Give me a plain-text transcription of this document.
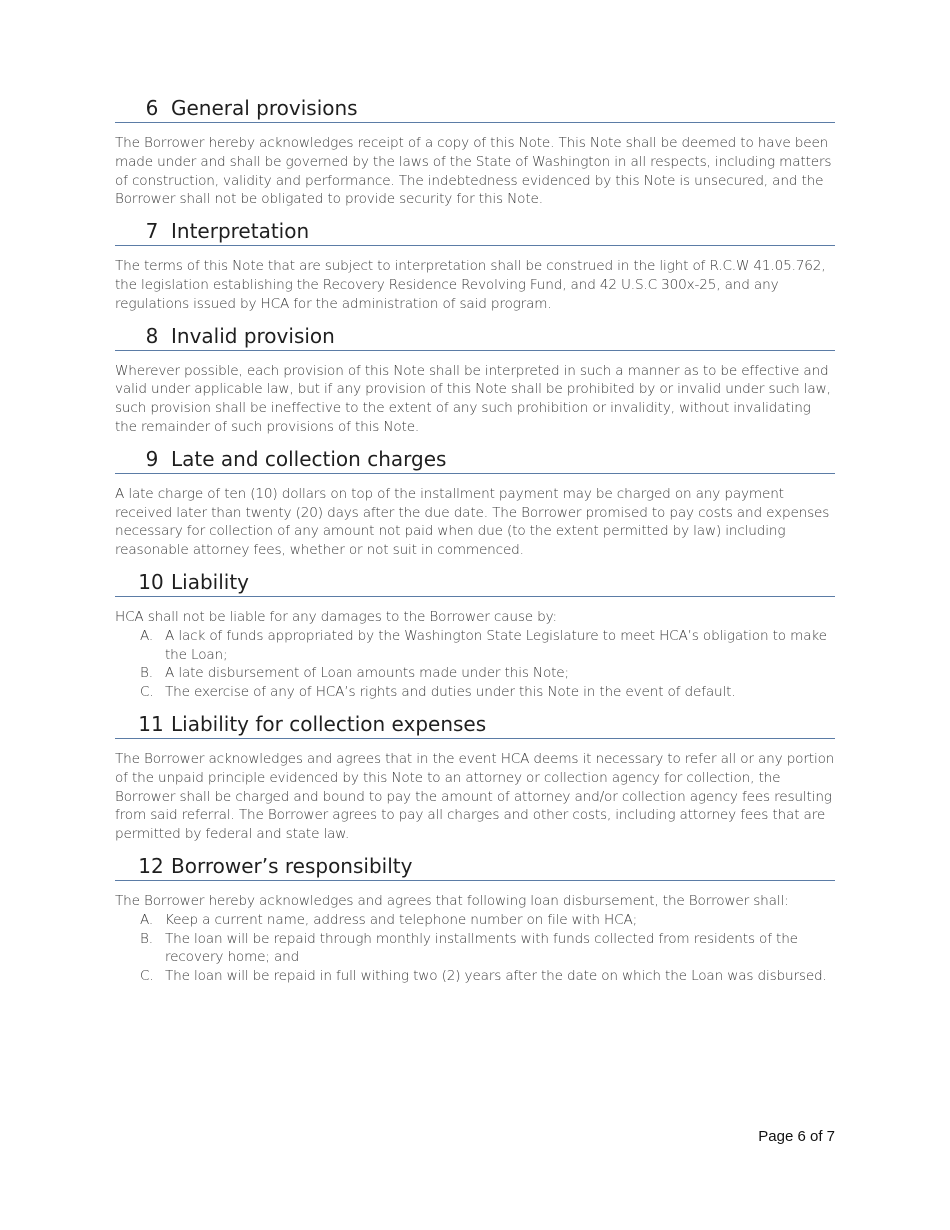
6 General provisions

The Borrower hereby acknowledges receipt of a copy of this Note. This Note shall be deemed to have been made under and shall be governed by the laws of the State of Washington in all respects, including matters of construction, validity and performance. The indebtedness evidenced by this Note is unsecured, and the Borrower shall not be obligated to provide security for this Note.

7 Interpretation

The terms of this Note that are subject to interpretation shall be construed in the light of R.C.W 41.05.762, the legislation establishing the Recovery Residence Revolving Fund, and 42 U.S.C 300x-25, and any regulations issued by HCA for the administration of said program.

8 Invalid provision

Wherever possible, each provision of this Note shall be interpreted in such a manner as to be effective and valid under applicable law, but if any provision of this Note shall be prohibited by or invalid under such law, such provision shall be ineffective to the extent of any such prohibition or invalidity, without invalidating the remainder of such provisions of this Note.

9 Late and collection charges

A late charge of ten (10) dollars on top of the installment payment may be charged on any payment received later than twenty (20) days after the due date. The Borrower promised to pay costs and expenses necessary for collection of any amount not paid when due (to the extent permitted by law) including reasonable attorney fees, whether or not suit in commenced.

10 Liability

HCA shall not be liable for any damages to the Borrower cause by:

A. A lack of funds appropriated by the Washington State Legislature to meet HCA’s obligation to make the Loan;
B. A late disbursement of Loan amounts made under this Note;
C. The exercise of any of HCA’s rights and duties under this Note in the event of default.
11 Liability for collection expenses

The Borrower acknowledges and agrees that in the event HCA deems it necessary to refer all or any portion of the unpaid principle evidenced by this Note to an attorney or collection agency for collection, the Borrower shall be charged and bound to pay the amount of attorney and/or collection agency fees resulting from said referral. The Borrower agrees to pay all charges and other costs, including attorney fees that are permitted by federal and state law.

12 Borrower’s responsibilty

The Borrower hereby acknowledges and agrees that following loan disbursement, the Borrower shall:

A. Keep a current name, address and telephone number on file with HCA;
B. The loan will be repaid through monthly installments with funds collected from residents of the recovery home; and
C. The loan will be repaid in full withing two (2) years after the date on which the Loan was disbursed.
Page 6 of 7
